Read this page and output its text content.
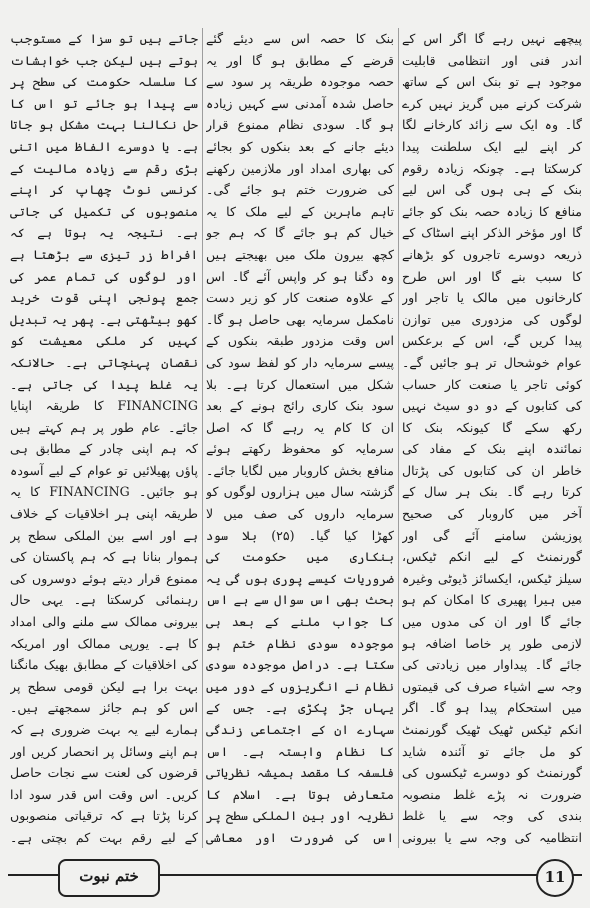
پیچھے نہیں رہے گا اگر اس کے اندر فنی اور انتظامی قابلیت موجود ہے تو بنک اس کے ساتھ شرکت کرنے میں گریز نہیں کرے گا۔ وہ ایک سے زائد کارخانے لگا کر اپنے لیے ایک سلطنت پیدا کرسکتا ہے۔ چونکہ زیادہ رقوم بنک کے ہی ہوں گی اس لیے منافع کا زیادہ حصہ بنک کو جائے گا اور مؤخر الذکر اپنے اسٹاک کے ذریعہ دوسرے تاجروں کو بڑھانے کا سبب بنے گا اور اس طرح کارخانوں میں مالک یا تاجر اور لوگوں کی مزدوری میں توازن پیدا کریں گے، اس کے برعکس عوام خوشحال تر ہو جائیں گے۔ کوئی تاجر یا صنعت کار حساب کی کتابوں کے دو دو سیٹ نہیں رکھ سکے گا کیونکہ بنک کا نمائندہ اپنے بنک کے مفاد کی خاطر ان کی کتابوں کی پڑتال کرتا رہے گا۔ بنک ہر سال کے آخر میں کاروبار کی صحیح پوزیشن سامنے آئے گی اور گورنمنٹ کے لیے انکم ٹیکس، سیلز ٹیکس، ایکسائز ڈیوٹی وغیرہ میں ہیرا پھیری کا امکان کم ہو جائے گا اور ان کی مدوں میں لازمی طور پر خاصا اضافہ ہو جائے گا۔ پیداوار میں زیادتی کی وجہ سے اشیاء صرف کی قیمتوں میں استحکام پیدا ہو گا۔ اگر انکم ٹیکس ٹھیک ٹھیک گورنمنٹ کو مل جائے تو آئندہ شاید گورنمنٹ کو دوسرے ٹیکسوں کی ضرورت نہ پڑے غلط منصوبہ بندی کی وجہ سے یا غلط انتظامیہ کی وجہ سے یا بیرونی

بنک کا حصہ اس سے دیئے گئے قرضے کے مطابق ہو گا اور یہ حصہ موجودہ طریقہ پر سود سے حاصل شدہ آمدنی سے کہیں زیادہ ہو گا۔ سودی نظام ممنوع قرار دیئے جانے کے بعد بنکوں کو بجائے کی بھاری امداد اور ملازمین رکھنے کی ضرورت ختم ہو جائے گی۔ تاہم ماہرین کے لیے ملک کا یہ خیال کم ہو جائے گا کہ ہم جو کچھ بیرون ملک میں بھیجتے ہیں وہ دگنا ہو کر واپس آئے گا۔ اس کے علاوہ صنعت کار کو زیر دست نامکمل سرمایہ بھی حاصل ہو گا۔ اس وقت مزدور طبقہ بنکوں کے پیسے سرمایہ دار کو لفظ سود کی شکل میں استعمال کرتا ہے۔ بلا سود بنک کاری رائج ہونے کے بعد ان کا کام یہ رہے گا کہ اصل سرمایہ کو محفوظ رکھتے ہوئے منافع بخش کاروبار میں لگایا جائے۔ گزشتہ سال میں ہزاروں لوگوں کو سرمایہ داروں کی صف میں لا کھڑا کیا گیا۔ (۲۵) بلا سود بنکاری میں حکومت کی ضروریات کیسے پوری ہوں گی یہ بحث بھی اس سوال سے ہے اس کا جواب ملنے کے بعد ہی موجودہ سودی نظام ختم ہو سکتا ہے۔ دراصل موجودہ سودی نظام نے انگریزوں کے دور میں یہاں جڑ پکڑی ہے۔ جس کے سہارے ان کے اجتماعی زندگی کا نظام وابستہ ہے۔ اس فلسفہ کا مقصد ہمیشہ نظریاتی متعارض ہوتا ہے۔ اسلام کا نظریہ اور بین الملکی سطح پر اس کی ضرورت اور معاشی

جاتے ہیں تو سزا کے مستوجب ہوتے ہیں لیکن جب خواہشات کا سلسلہ حکومت کی سطح پر سے پیدا ہو جائے تو اس کا حل نکالنا بہت مشکل ہو جاتا ہے۔ یا دوسرے الفاظ میں اتنی بڑی رقم سے زیادہ مالیت کے کرنسی نوٹ چھاپ کر اپنے منصوبوں کی تکمیل کی جاتی ہے۔ نتیجہ یہ ہوتا ہے کہ افراط زر تیزی سے بڑھتا ہے اور لوگوں کی تمام عمر کی جمع پونجی اپنی قوت خرید کھو بیٹھتی ہے۔ پھر یہ تبدیل کہیں کر ملکی معیشت کو نقصان پہنچاتی ہے۔ حالانکہ یہ غلط پیدا کی جاتی ہے۔ FINANCING کا طریقہ اپنایا جائے۔ عام طور پر ہم کہتے ہیں کہ ہم اپنی چادر کے مطابق ہی پاؤں پھیلائیں تو عوام کے لیے آسودہ ہو جائیں۔ FINANCING کا یہ طریقہ اپنی ہر اخلاقیات کے خلاف ہے اور اسے بین الملکی سطح پر ہموار بنانا ہے کہ ہم پاکستان کی ممنوع قرار دیتے ہوئے دوسروں کی رہنمائی کرسکتا ہے۔ یہی حال بیرونی ممالک سے ملنے والی امداد کا ہے۔ یورپی ممالک اور امریکہ کی اخلاقیات کے مطابق بھیک مانگنا بہت برا ہے لیکن قومی سطح پر اس کو ہم جائز سمجھتے ہیں۔ ہمارے لیے یہ بہت ضروری ہے کہ ہم اپنے وسائل پر انحصار کریں اور قرضوں کی لعنت سے نجات حاصل کریں۔ اس وقت اس قدر سود ادا کرنا پڑتا ہے کہ ترقیاتی منصوبوں کے لیے رقم بہت کم بچتی ہے۔

ختم نبوت	11
